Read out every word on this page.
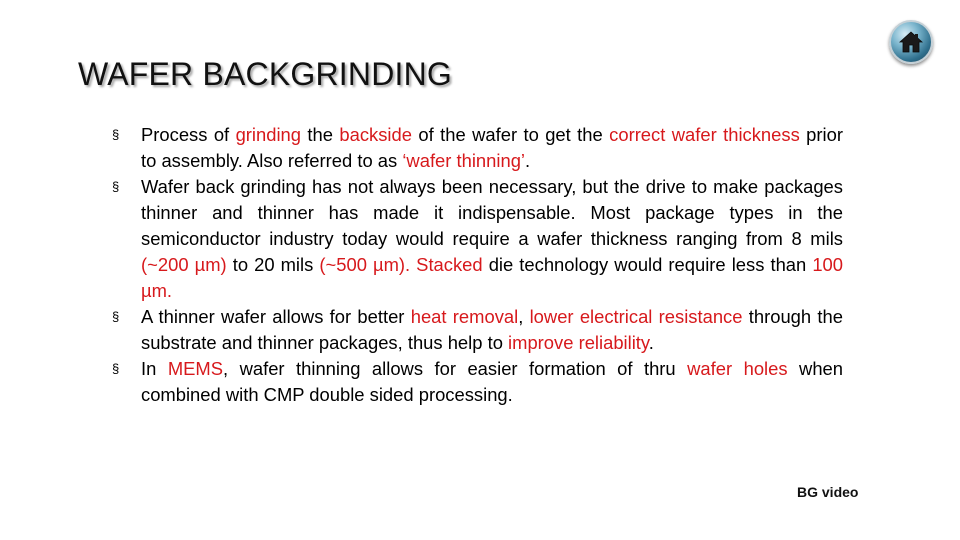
WAFER BACKGRINDING
§ Process of grinding the backside of the wafer to get the correct wafer thickness prior to assembly. Also referred to as ‘wafer thinning’.
§ Wafer back grinding has not always been necessary, but the drive to make packages thinner and thinner has made it indispensable. Most package types in the semiconductor industry today would require a wafer thickness ranging from 8 mils (~200 µm) to 20 mils (~500 µm). Stacked die technology would require less than 100 µm.
§ A thinner wafer allows for better heat removal, lower electrical resistance through the substrate and thinner packages, thus help to improve reliability.
§ In MEMS, wafer thinning allows for easier formation of thru wafer holes when combined with CMP double sided processing.
BG video
